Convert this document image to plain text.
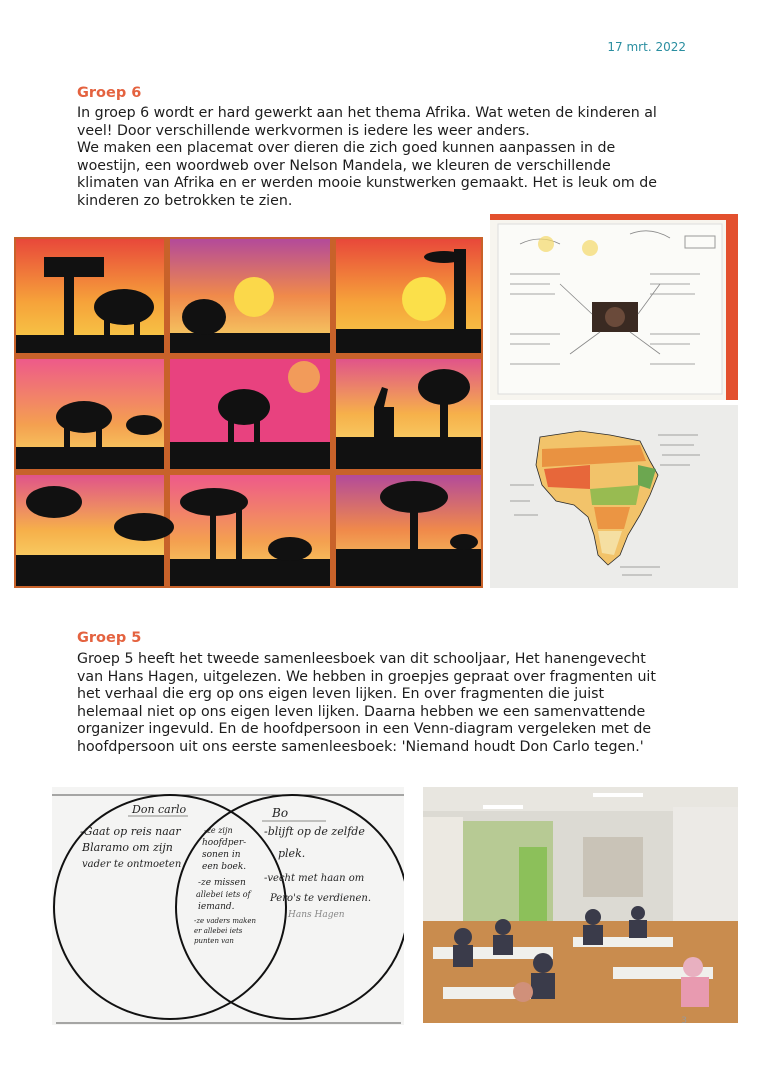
17 mrt. 2022
Groep 6
In groep 6 wordt er hard gewerkt aan het thema Afrika. Wat weten de kinderen al
veel! Door verschillende werkvormen is iedere les weer anders.
We maken een placemat over dieren die zich goed kunnen aanpassen in de
woestijn, een woordweb over Nelson Mandela, we kleuren de verschillende
klimaten van Afrika en er werden mooie kunstwerken gemaakt. Het is leuk om de
kinderen zo betrokken te zien.
Groep 5
Groep 5 heeft het tweede samenleesboek van dit schooljaar, Het hanengevecht
van Hans Hagen, uitgelezen. We hebben in groepjes gepraat over fragmenten uit
het verhaal die erg op ons eigen leven lijken. En over fragmenten die juist
helemaal niet op ons eigen leven lijken. Daarna hebben we een samenvattende
organizer ingevuld. En de hoofdpersoon in een Venn-diagram vergeleken met de
hoofdpersoon uit ons eerste samenleesboek: 'Niemand houdt Don Carlo tegen.'
Don carlo	Bo
-Gaat op reis naar
Blaramo om zijn
vader te ontmoeten
-ze zijn
hoofdper-
sonen in
een boek.
-ze missen
allebei iets of
iemand.
-ze vaders maken
er allebei iets
punten van
-blijft op de zelfde
plek.
-vecht met haan om
Pero's te verdienen.
Hans Hagen
3
